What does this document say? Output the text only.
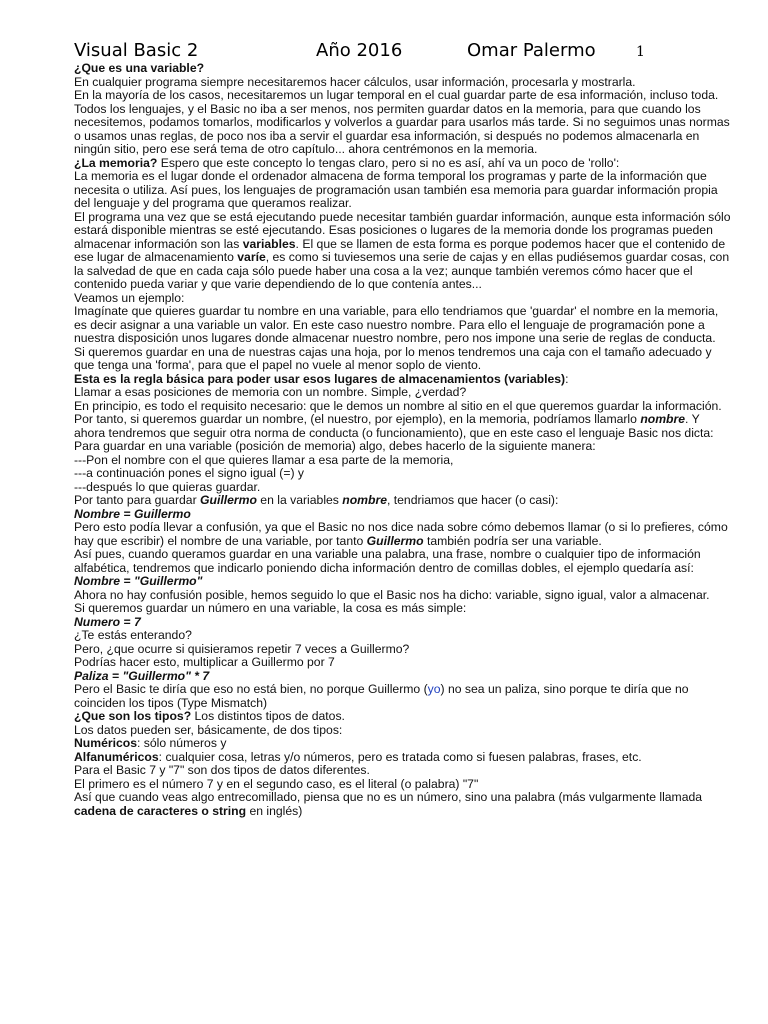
Visual Basic 2	Año 2016	Omar Palermo	1

¿Que es una variable?

En cualquier programa siempre necesitaremos hacer cálculos, usar información, procesarla y mostrarla.

En la mayoría de los casos, necesitaremos un lugar temporal en el cual guardar parte de esa información, incluso toda.

Todos los lenguajes, y el Basic no iba a ser menos, nos permiten guardar datos en la memoria, para que cuando los necesitemos, podamos tomarlos, modificarlos y volverlos a guardar para usarlos más tarde. Si no seguimos unas normas o usamos unas reglas, de poco nos iba a servir el guardar esa información, si después no podemos almacenarla en ningún sitio, pero ese será tema de otro capítulo... ahora centrémonos en la memoria.

¿La memoria? Espero que este concepto lo tengas claro, pero si no es así, ahí va un poco de 'rollo':

La memoria es el lugar donde el ordenador almacena de forma temporal los programas y parte de la información que necesita o utiliza. Así pues, los lenguajes de programación usan también esa memoria para guardar información propia del lenguaje y del programa que queramos realizar.

El programa una vez que se está ejecutando puede necesitar también guardar información, aunque esta información sólo estará disponible mientras se esté ejecutando. Esas posiciones o lugares de la memoria donde los programas pueden almacenar información son las variables. El que se llamen de esta forma es porque podemos hacer que el contenido de ese lugar de almacenamiento varíe, es como si tuviesemos una serie de cajas y en ellas pudiésemos guardar cosas, con la salvedad de que en cada caja sólo puede haber una cosa a la vez; aunque también veremos cómo hacer que el contenido pueda variar y que varie dependiendo de lo que contenía antes...

Veamos un ejemplo:

Imagínate que quieres guardar tu nombre en una variable, para ello tendriamos que 'guardar' el nombre en la memoria, es decir asignar a una variable un valor. En este caso nuestro nombre. Para ello el lenguaje de programación pone a nuestra disposición unos lugares donde almacenar nuestro nombre, pero nos impone una serie de reglas de conducta.

Si queremos guardar en una de nuestras cajas una hoja, por lo menos tendremos una caja con el tamaño adecuado y que tenga una 'forma', para que el papel no vuele al menor soplo de viento.

Esta es la regla básica para poder usar esos lugares de almacenamientos (variables):

Llamar a esas posiciones de memoria con un nombre. Simple, ¿verdad?

En principio, es todo el requisito necesario: que le demos un nombre al sitio en el que queremos guardar la información.

Por tanto, si queremos guardar un nombre, (el nuestro, por ejemplo), en la memoria, podríamos llamarlo nombre. Y ahora tendremos que seguir otra norma de conducta (o funcionamiento), que en este caso el lenguaje Basic nos dicta:

Para guardar en una variable (posición de memoria) algo, debes hacerlo de la siguiente manera:

---Pon el nombre con el que quieres llamar a esa parte de la memoria,

---a continuación pones el signo igual (=) y

---después lo que quieras guardar.

Por tanto para guardar Guillermo en la variables nombre, tendriamos que hacer (o casi):

Nombre = Guillermo

Pero esto podía llevar a confusión, ya que el Basic no nos dice nada sobre cómo debemos llamar (o si lo prefieres, cómo hay que escribir) el nombre de una variable, por tanto Guillermo también podría ser una variable.

Así pues, cuando queramos guardar en una variable una palabra, una frase, nombre o cualquier tipo de información alfabética, tendremos que indicarlo poniendo dicha información dentro de comillas dobles, el ejemplo quedaría así:

Nombre = "Guillermo"

Ahora no hay confusión posible, hemos seguido lo que el Basic nos ha dicho: variable, signo igual, valor a almacenar.

Si queremos guardar un número en una variable, la cosa es más simple:

Numero = 7

¿Te estás enterando?

Pero, ¿que ocurre si quisieramos repetir 7 veces a Guillermo?

Podrías hacer esto, multiplicar a Guillermo por 7

Paliza = "Guillermo" * 7

Pero el Basic te diría que eso no está bien, no porque Guillermo (yo) no sea un paliza, sino porque te diría que no coinciden los tipos (Type Mismatch)

¿Que son los tipos? Los distintos tipos de datos.

Los datos pueden ser, básicamente, de dos tipos:

Numéricos: sólo números y

Alfanuméricos: cualquier cosa, letras y/o números, pero es tratada como si fuesen palabras, frases, etc.

Para el Basic 7 y "7" son dos tipos de datos diferentes.

El primero es el número 7 y en el segundo caso, es el literal (o palabra) "7"

Así que cuando veas algo entrecomillado, piensa que no es un número, sino una palabra (más vulgarmente llamada cadena de caracteres o string en inglés)
